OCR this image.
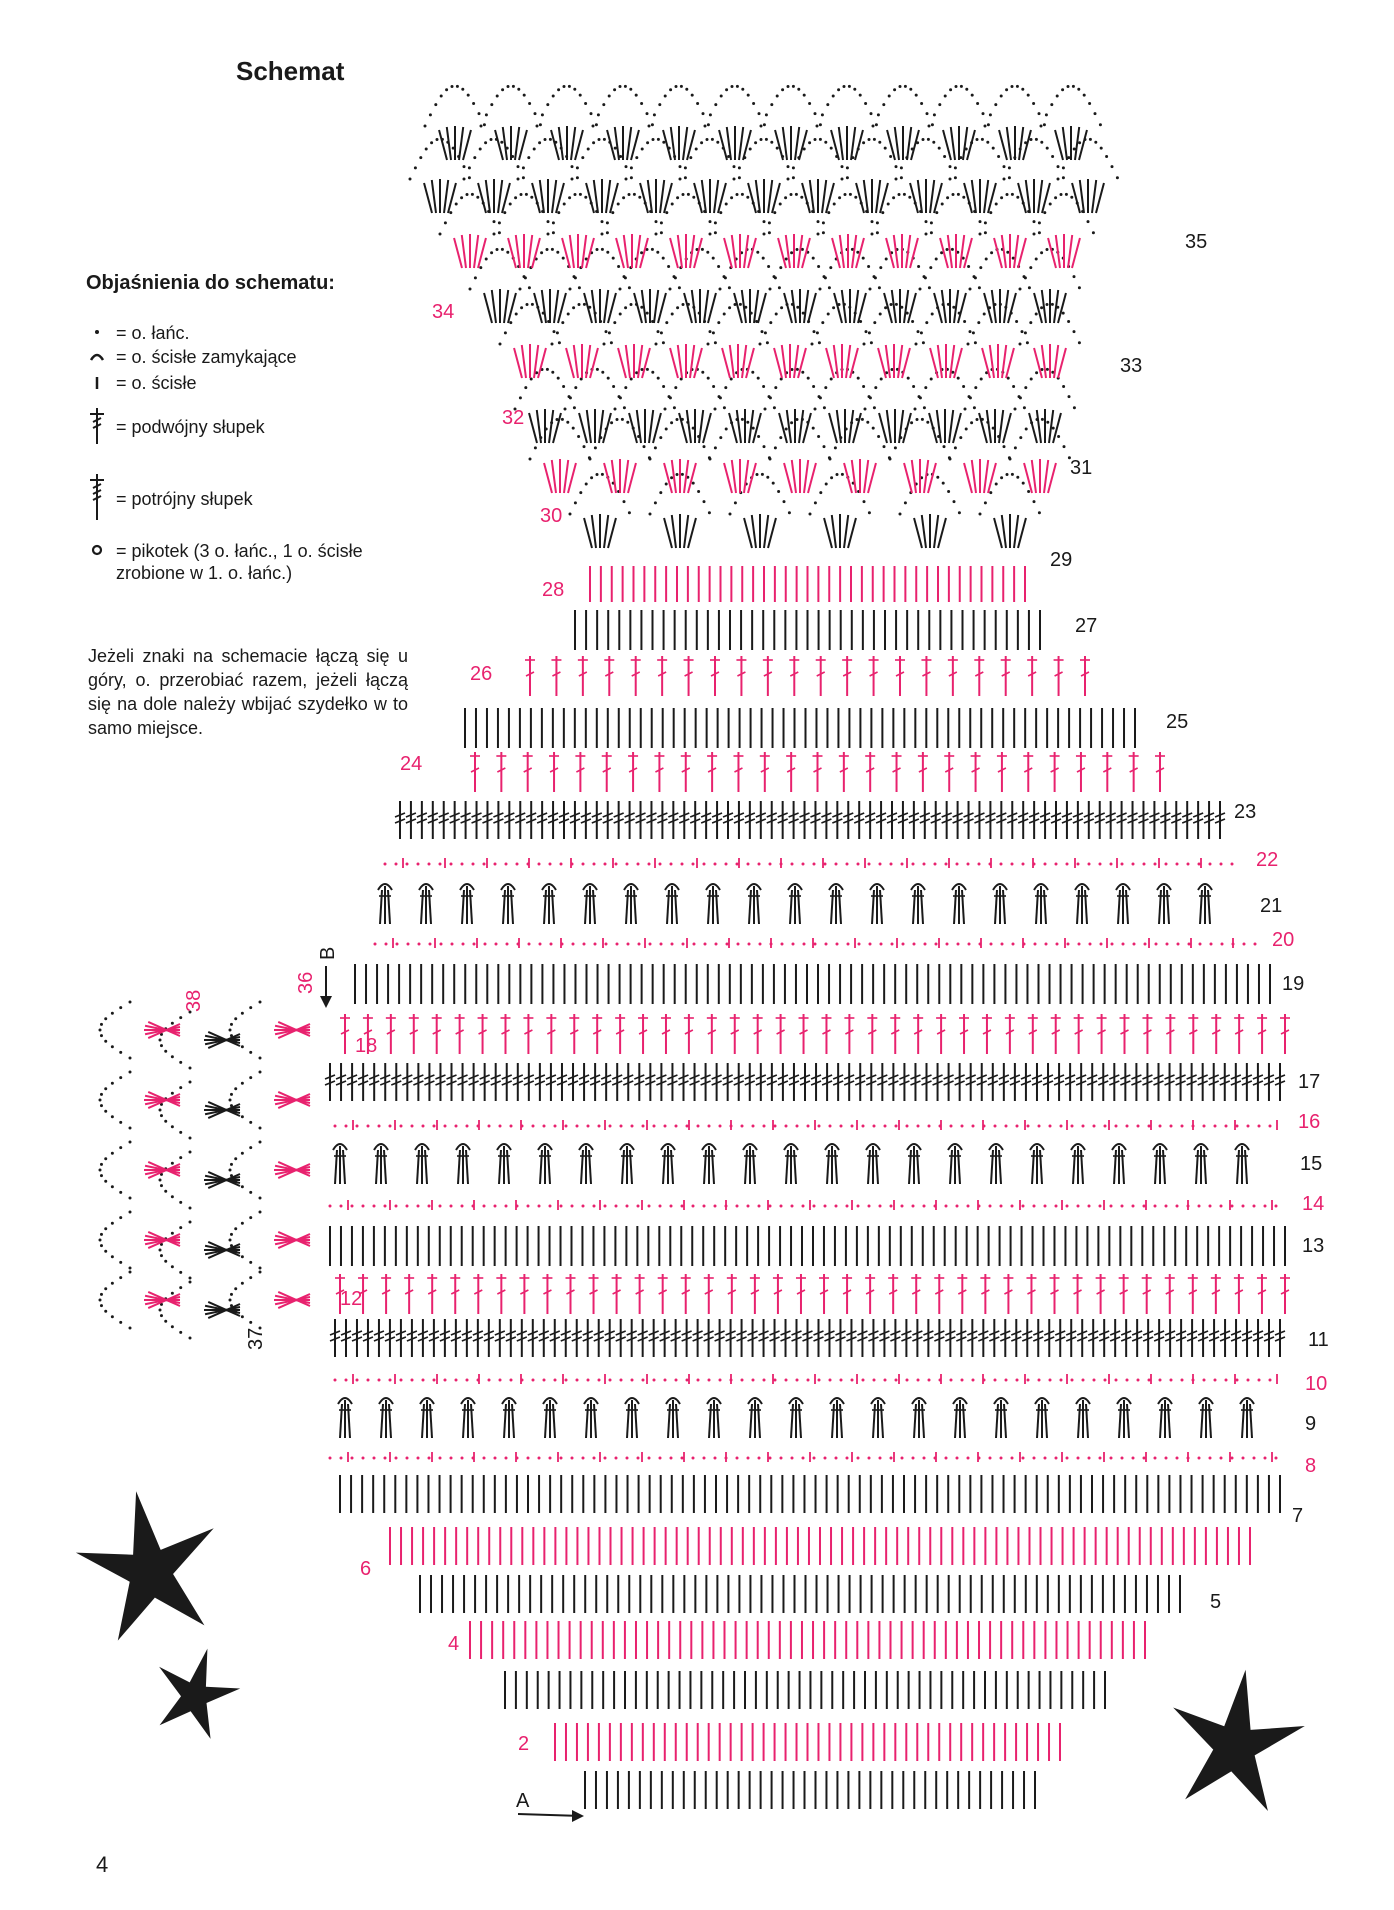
Schemat
Objaśnienia do schematu:
= o. łańc.
= o. ścisłe zamykające
= o. ścisłe
= podwójny słupek
= potrójny słupek
= pikotek (3 o. łańc., 1 o. ścisłe zrobione w 1. o. łańc.)
Jeżeli znaki na schemacie łączą się u góry, o. przerobiać razem, jeżeli łączą się na dole należy wbijać szydełko w to samo miejsce.
4
A
B
2
4
5
6
7
8
9
10
11
12
13
14
15
16
17
18
19
20
21
22
23
24
25
26
27
28
29
30
31
32
33
34
35
36
37
38
